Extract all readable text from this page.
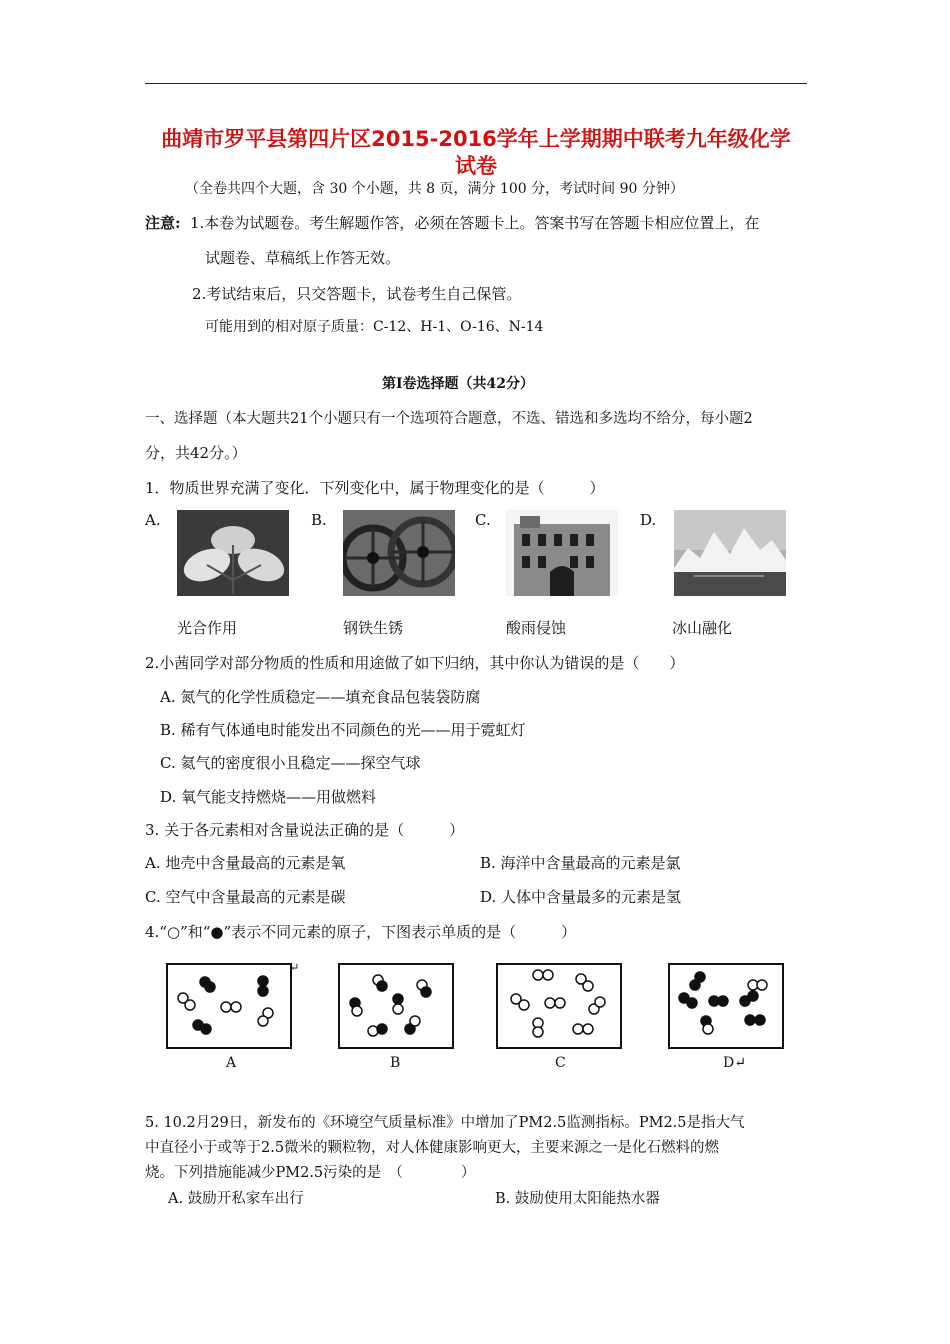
曲靖市罗平县第四片区2015-2016学年上学期期中联考九年级化学
试卷
（全卷共四个大题，含 30 个小题，共 8 页，满分 100 分，考试时间 90 分钟）
注意: 1.本卷为试题卷。考生解题作答，必须在答题卡上。答案书写在答题卡相应位置上，在
试题卷、草稿纸上作答无效。
2.考试结束后，只交答题卡，试卷考生自己保管。
可能用到的相对原子质量：C-12、H-1、O-16、N-14
第Ⅰ卷选择题（共42分）
一、选择题（本大题共21个小题只有一个选项符合题意，不选、错选和多选均不给分，每小题2
分，共42分。）
1．物质世界充满了变化．下列变化中，属于物理变化的是（　　　）
A.
光合作用
B.
钢铁生锈
C.
酸雨侵蚀
D.
冰山融化
2.小茜同学对部分物质的性质和用途做了如下归纳，其中你认为错误的是（　　）
A. 氮气的化学性质稳定——填充食品包装袋防腐
B. 稀有气体通电时能发出不同颜色的光——用于霓虹灯
C. 氦气的密度很小且稳定——探空气球
D. 氧气能支持燃烧——用做燃料
3. 关于各元素相对含量说法正确的是（　　　）
A. 地壳中含量最高的元素是氧	B. 海洋中含量最高的元素是氯
C. 空气中含量最高的元素是碳	D. 人体中含量最多的元素是氢
4.“○”和“●”表示不同元素的原子，下图表示单质的是（　　　）
↵
A	B	C	D↵
5. 10.2月29日，新发布的《环境空气质量标准》中增加了PM2.5监测指标。PM2.5是指大气
中直径小于或等于2.5微米的颗粒物，对人体健康影响更大，主要来源之一是化石燃料的燃
烧。下列措施能减少PM2.5污染的是　（　　　　）
A. 鼓励开私家车出行	B. 鼓励使用太阳能热水器
